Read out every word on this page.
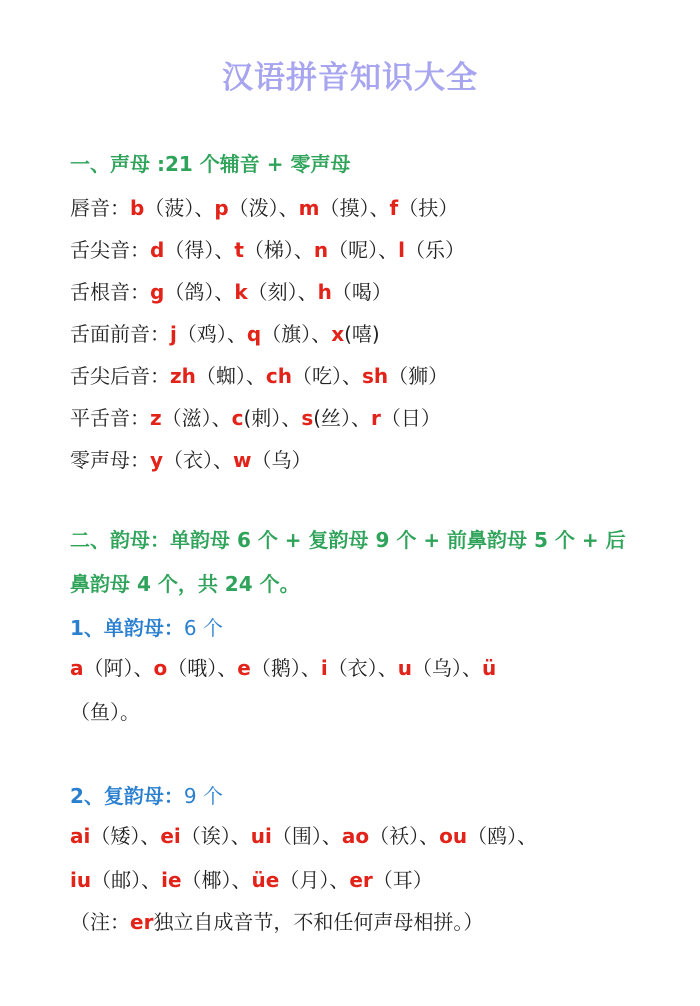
汉语拼音知识大全
一、声母 :21 个辅音 + 零声母
唇音：b（菠）、p（泼）、m（摸）、f（扶）
舌尖音：d（得）、t（梯）、n（呢）、l（乐）
舌根音：g（鸽）、k（刻）、h（喝）
舌面前音：j（鸡）、q（旗）、x(嘻)
舌尖后音：zh（蜘）、ch（吃）、sh（狮）
平舌音：z（滋）、c(刺）、s(丝）、r（日）
零声母：y（衣）、w（乌）
二、韵母：单韵母 6 个 + 复韵母 9 个 + 前鼻韵母 5 个 + 后
鼻韵母 4 个，共 24 个。
1、单韵母：6 个
a（阿）、o（哦）、e（鹅）、i（衣）、u（乌）、ü
（鱼）。
2、复韵母：9 个
ai（矮）、ei（诶）、ui（围）、ao（袄）、ou（鸥）、
iu（邮）、ie（椰）、üe（月）、er（耳）
（注：er独立自成音节，不和任何声母相拼。）
